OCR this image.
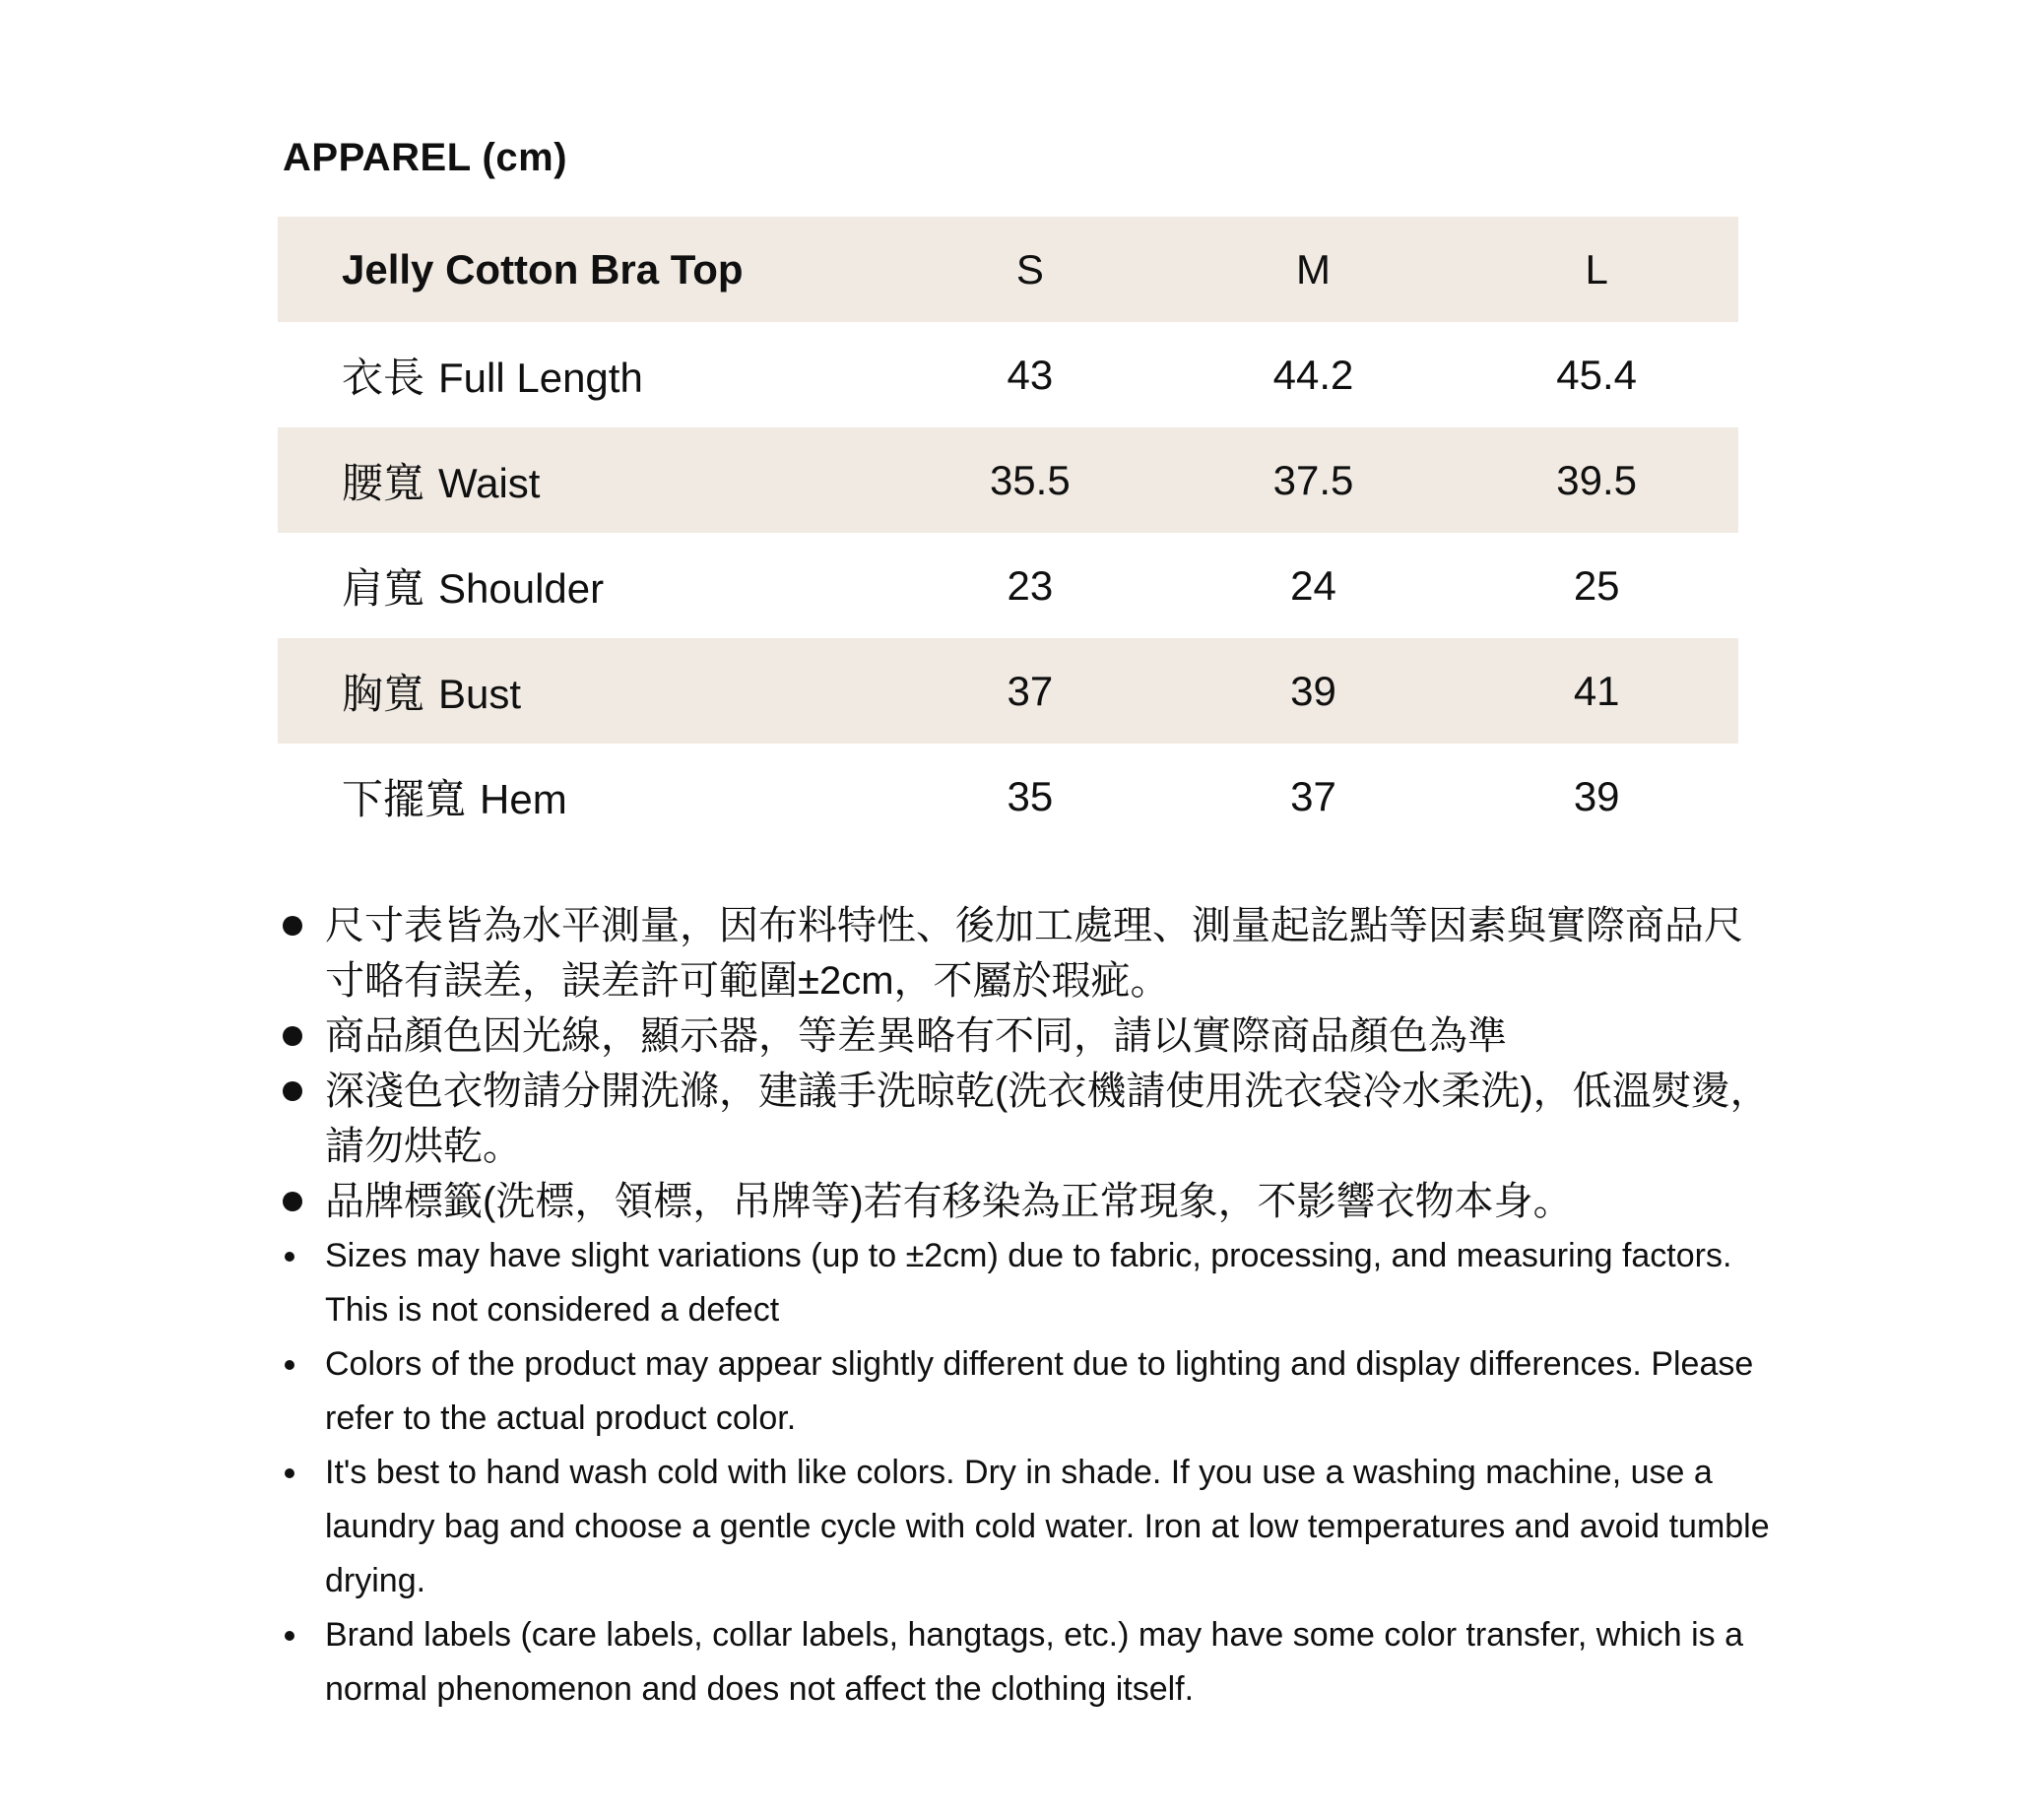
APPAREL (cm)
Jelly Cotton Bra Top	S	M	L
衣長 Full Length	43	44.2	45.4
腰寬 Waist	35.5	37.5	39.5
肩寬 Shoulder	23	24	25
胸寬 Bust	37	39	41
下擺寬 Hem	35	37	39
尺寸表皆為水平測量，因布料特性、後加工處理、測量起訖點等因素與實際商品尺寸略有誤差，誤差許可範圍±2cm，不屬於瑕疵。
商品顏色因光線，顯示器，等差異略有不同，請以實際商品顏色為準
深淺色衣物請分開洗滌，建議手洗晾乾(洗衣機請使用洗衣袋冷水柔洗)，低溫熨燙，請勿烘乾。
品牌標籤(洗標，領標，吊牌等)若有移染為正常現象，不影響衣物本身。
Sizes may have slight variations (up to ±2cm) due to fabric, processing, and measuring factors. This is not considered a defect
Colors of the product may appear slightly different due to lighting and display differences. Please refer to the actual product color.
It's best to hand wash cold with like colors. Dry in shade. If you use a washing machine, use a laundry bag and choose a gentle cycle with cold water. Iron at low temperatures and avoid tumble drying.
Brand labels (care labels, collar labels, hangtags, etc.) may have some color transfer, which is a normal phenomenon and does not affect the clothing itself.
